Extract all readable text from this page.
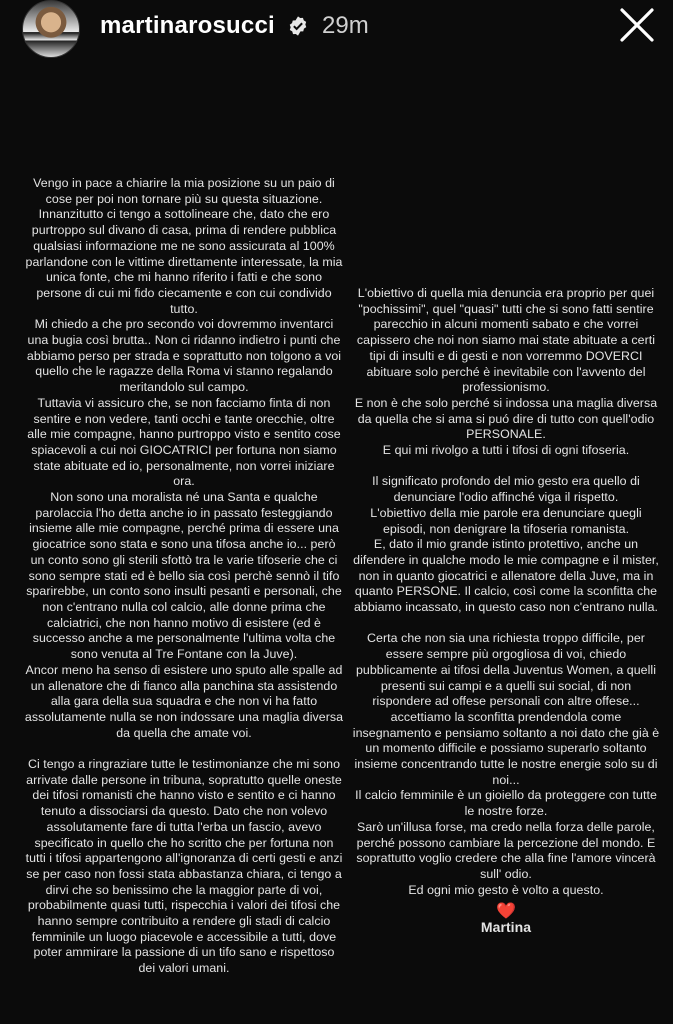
martinarosucci 29m

Vengo in pace a chiarire la mia posizione su un paio di cose per poi non tornare più su questa situazione.

Innanzitutto ci tengo a sottolineare che, dato che ero purtroppo sul divano di casa, prima di rendere pubblica qualsiasi informazione me ne sono assicurata al 100% parlandone con le vittime direttamente interessate, la mia unica fonte, che mi hanno riferito i fatti e che sono persone di cui mi fido ciecamente e con cui condivido tutto.

Mi chiedo a che pro secondo voi dovremmo inventarci una bugia così brutta.. Non ci ridanno indietro i punti che abbiamo perso per strada e soprattutto non tolgono a voi quello che le ragazze della Roma vi stanno regalando meritandolo sul campo.

Tuttavia vi assicuro che, se non facciamo finta di non sentire e non vedere, tanti occhi e tante orecchie, oltre alle mie compagne, hanno purtroppo visto e sentito cose spiacevoli a cui noi GIOCATRICI per fortuna non siamo state abituate ed io, personalmente, non vorrei iniziare ora.

Non sono una moralista né una Santa e qualche parolaccia l'ho detta anche io in passato festeggiando insieme alle mie compagne, perché prima di essere una giocatrice sono stata e sono una tifosa anche io... però un conto sono gli sterili sfottò tra le varie tifoserie che ci sono sempre stati ed è bello sia così perchè sennò il tifo sparirebbe, un conto sono insulti pesanti e personali, che non c'entrano nulla col calcio, alle donne prima che calciatrici, che non hanno motivo di esistere (ed è successo anche a me personalmente l'ultima volta che sono venuta al Tre Fontane con la Juve).

Ancor meno ha senso di esistere uno sputo alle spalle ad un allenatore che di fianco alla panchina sta assistendo alla gara della sua squadra e che non vi ha fatto assolutamente nulla se non indossare una maglia diversa da quella che amate voi.

Ci tengo a ringraziare tutte le testimonianze che mi sono arrivate dalle persone in tribuna, sopratutto quelle oneste dei tifosi romanisti che hanno visto e sentito e ci hanno tenuto a dissociarsi da questo. Dato che non volevo assolutamente fare di tutta l'erba un fascio, avevo specificato in quello che ho scritto che per fortuna non tutti i tifosi appartengono all'ignoranza di certi gesti e anzi se per caso non fossi stata abbastanza chiara, ci tengo a dirvi che so benissimo che la maggior parte di voi, probabilmente quasi tutti, rispecchia i valori dei tifosi che hanno sempre contribuito a rendere gli stadi di calcio femminile un luogo piacevole e accessibile a tutti, dove poter ammirare la passione di un tifo sano e rispettoso dei valori umani.

L'obiettivo di quella mia denuncia era proprio per quei "pochissimi", quel "quasi" tutti che si sono fatti sentire parecchio in alcuni momenti sabato e che vorrei capissero che noi non siamo mai state abituate a certi tipi di insulti e di gesti e non vorremmo DOVERCI abituare solo perché è inevitabile con l'avvento del professionismo.

E non è che solo perché si indossa una maglia diversa da quella che si ama si puó dire di tutto con quell'odio PERSONALE.

E qui mi rivolgo a tutti i tifosi di ogni tifoseria.

Il significato profondo del mio gesto era quello di denunciare l'odio affinché viga il rispetto.

L'obiettivo della mie parole era denunciare quegli episodi, non denigrare la tifoseria romanista.

E, dato il mio grande istinto protettivo, anche un difendere in qualche modo le mie compagne e il mister, non in quanto giocatrici e allenatore della Juve, ma in quanto PERSONE. Il calcio, così come la sconfitta che abbiamo incassato, in questo caso non c'entrano nulla.

Certa che non sia una richiesta troppo difficile, per essere sempre più orgogliosa di voi, chiedo pubblicamente ai tifosi della Juventus Women, a quelli presenti sui campi e a quelli sui social, di non rispondere ad offese personali con altre offese... accettiamo la sconfitta prendendola come insegnamento e pensiamo soltanto a noi dato che già è un momento difficile e possiamo superarlo soltanto insieme concentrando tutte le nostre energie solo su di noi...

Il calcio femminile è un gioiello da proteggere con tutte le nostre forze.

Sarò un'illusa forse, ma credo nella forza delle parole, perché possono cambiare la percezione del mondo. E soprattutto voglio credere che alla fine l'amore vincerà sull' odio.

Ed ogni mio gesto è volto a questo.

❤️

Martina
